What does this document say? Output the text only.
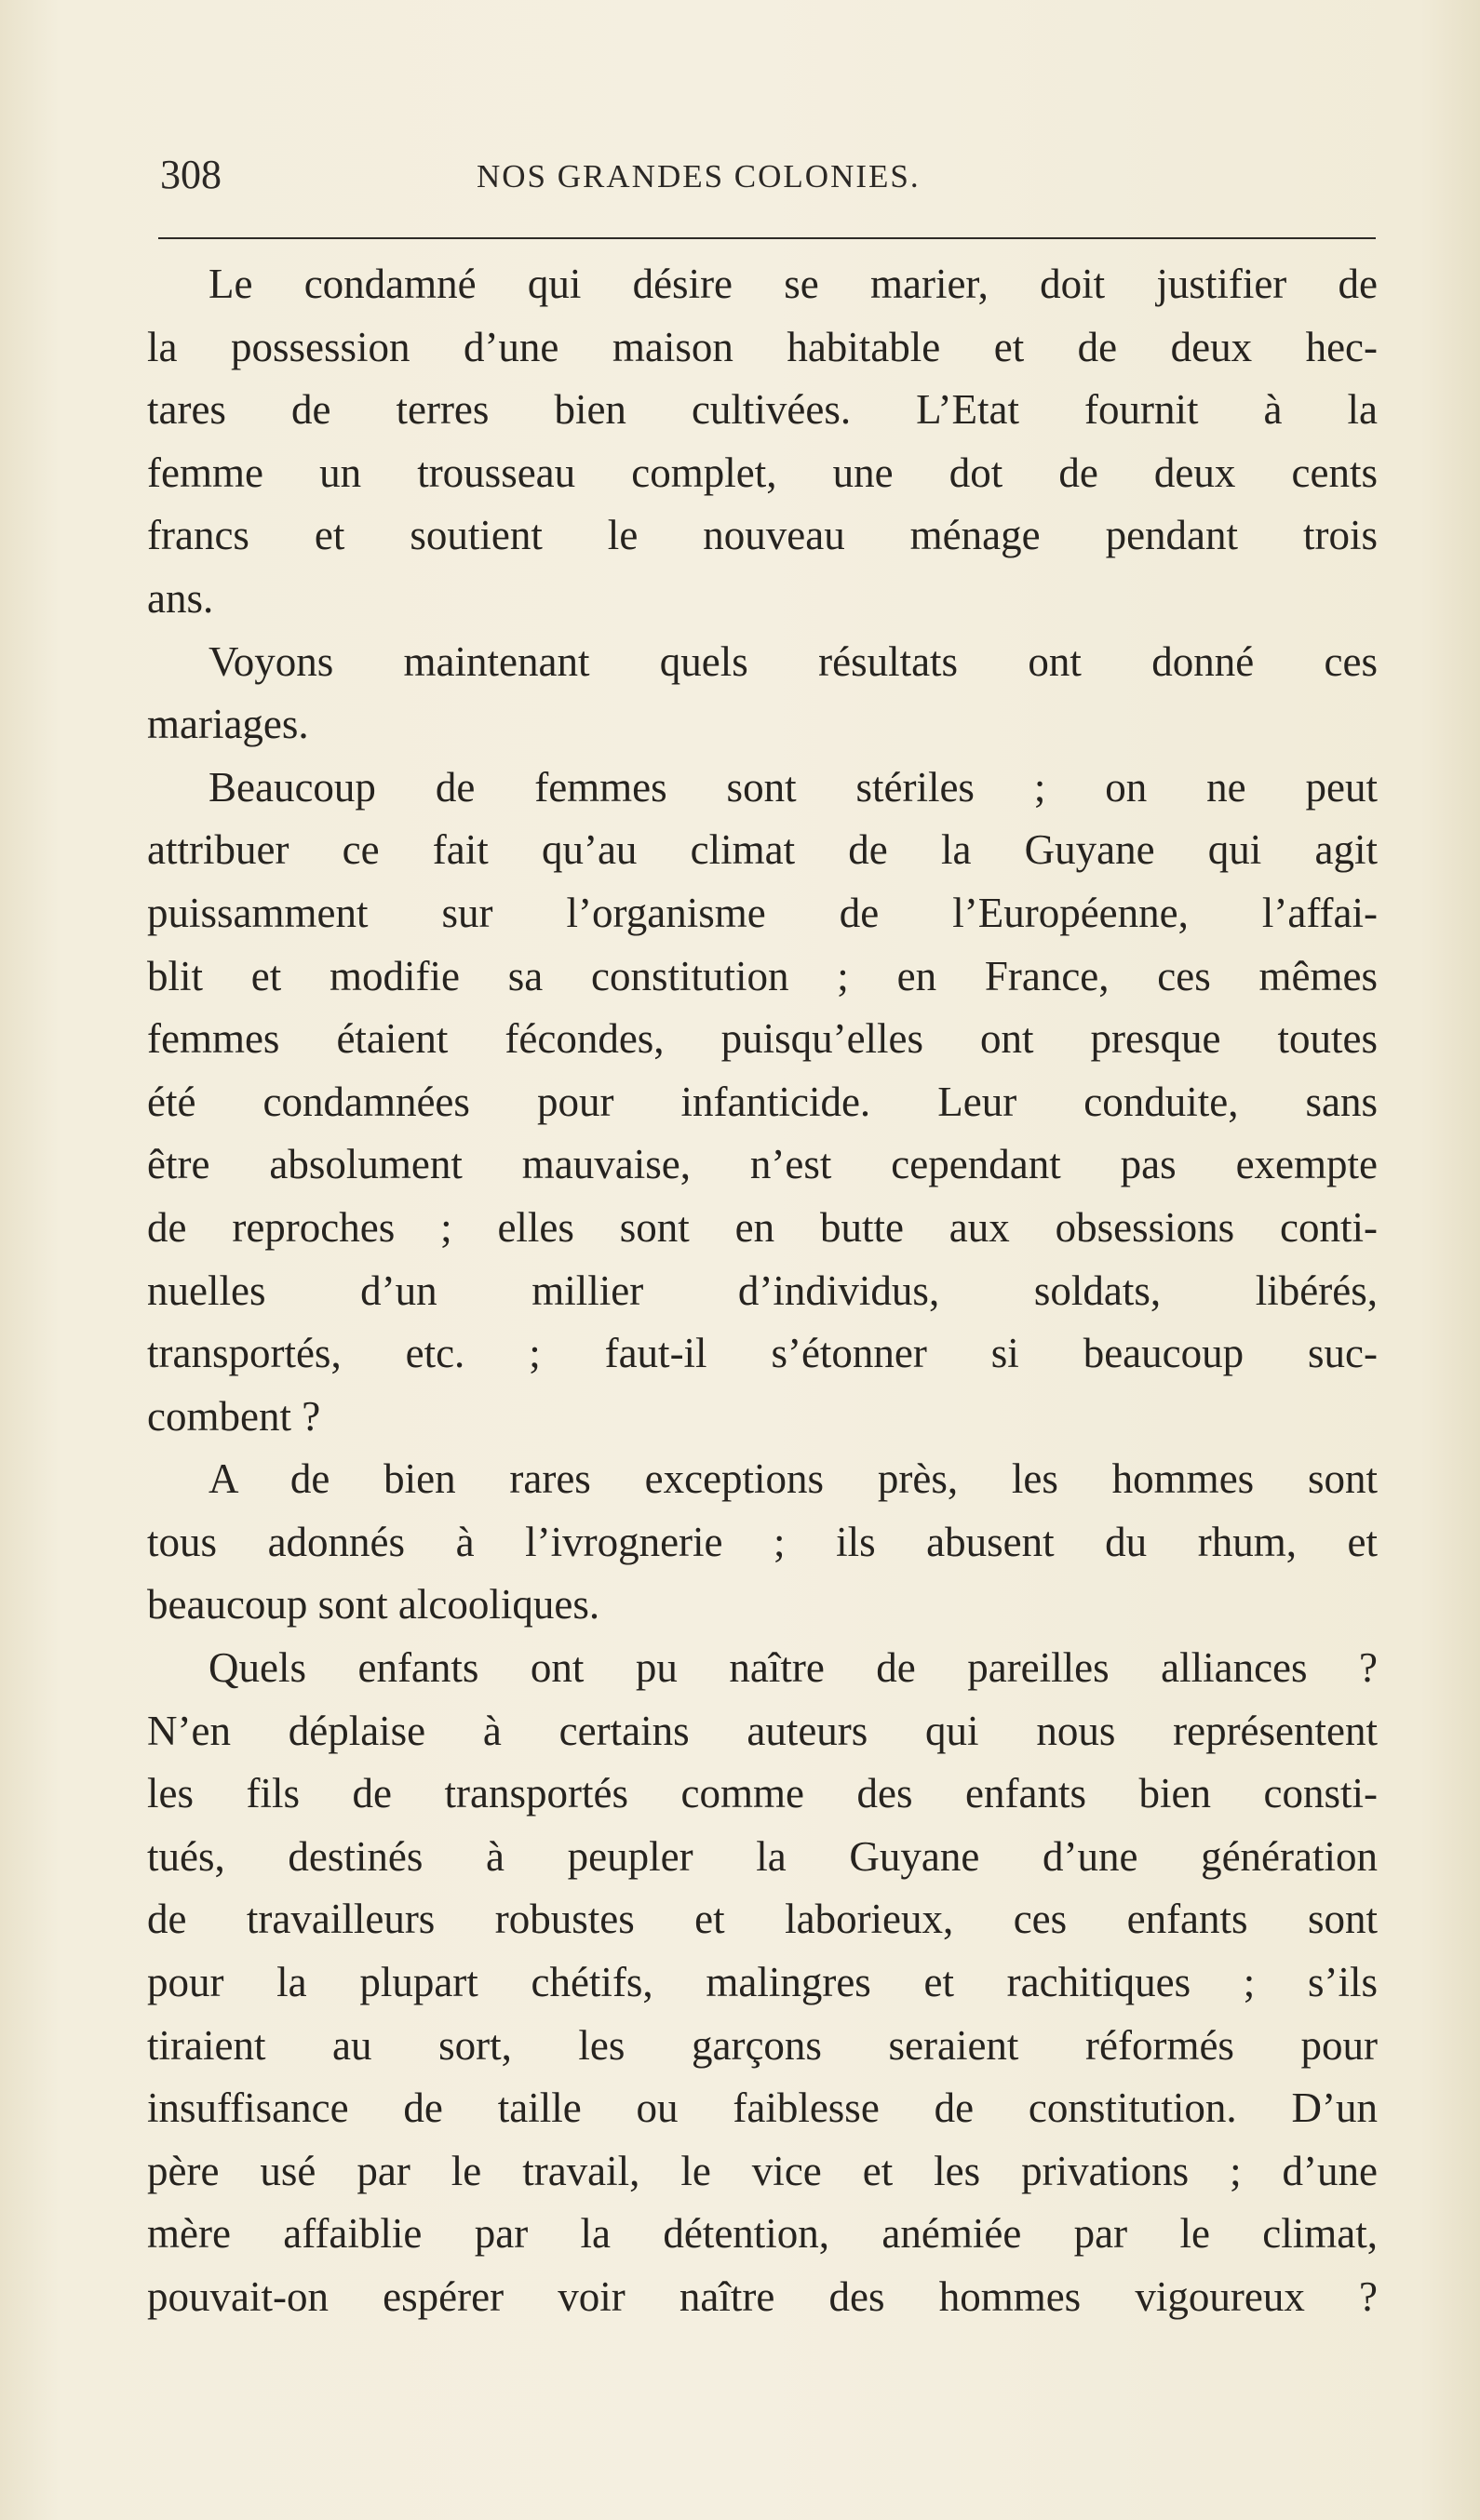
308	NOS GRANDES COLONIES.
Le condamné qui désire se marier, doit justifier de
la possession d’une maison habitable et de deux hec-
tares de terres bien cultivées. L’Etat fournit à la
femme un trousseau complet, une dot de deux cents
francs et soutient le nouveau ménage pendant trois
ans.
Voyons maintenant quels résultats ont donné ces
mariages.
Beaucoup de femmes sont stériles ; on ne peut
attribuer ce fait qu’au climat de la Guyane qui agit
puissamment sur l’organisme de l’Européenne, l’affai-
blit et modifie sa constitution ; en France, ces mêmes
femmes étaient fécondes, puisqu’elles ont presque toutes
été condamnées pour infanticide. Leur conduite, sans
être absolument mauvaise, n’est cependant pas exempte
de reproches ; elles sont en butte aux obsessions conti-
nuelles d’un millier d’individus, soldats, libérés,
transportés, etc. ; faut-il s’étonner si beaucoup suc-
combent ?
A de bien rares exceptions près, les hommes sont
tous adonnés à l’ivrognerie ; ils abusent du rhum, et
beaucoup sont alcooliques.
Quels enfants ont pu naître de pareilles alliances ?
N’en déplaise à certains auteurs qui nous représentent
les fils de transportés comme des enfants bien consti-
tués, destinés à peupler la Guyane d’une génération
de travailleurs robustes et laborieux, ces enfants sont
pour la plupart chétifs, malingres et rachitiques ; s’ils
tiraient au sort, les garçons seraient réformés pour
insuffisance de taille ou faiblesse de constitution. D’un
père usé par le travail, le vice et les privations ; d’une
mère affaiblie par la détention, anémiée par le climat,
pouvait-on espérer voir naître des hommes vigoureux ?
